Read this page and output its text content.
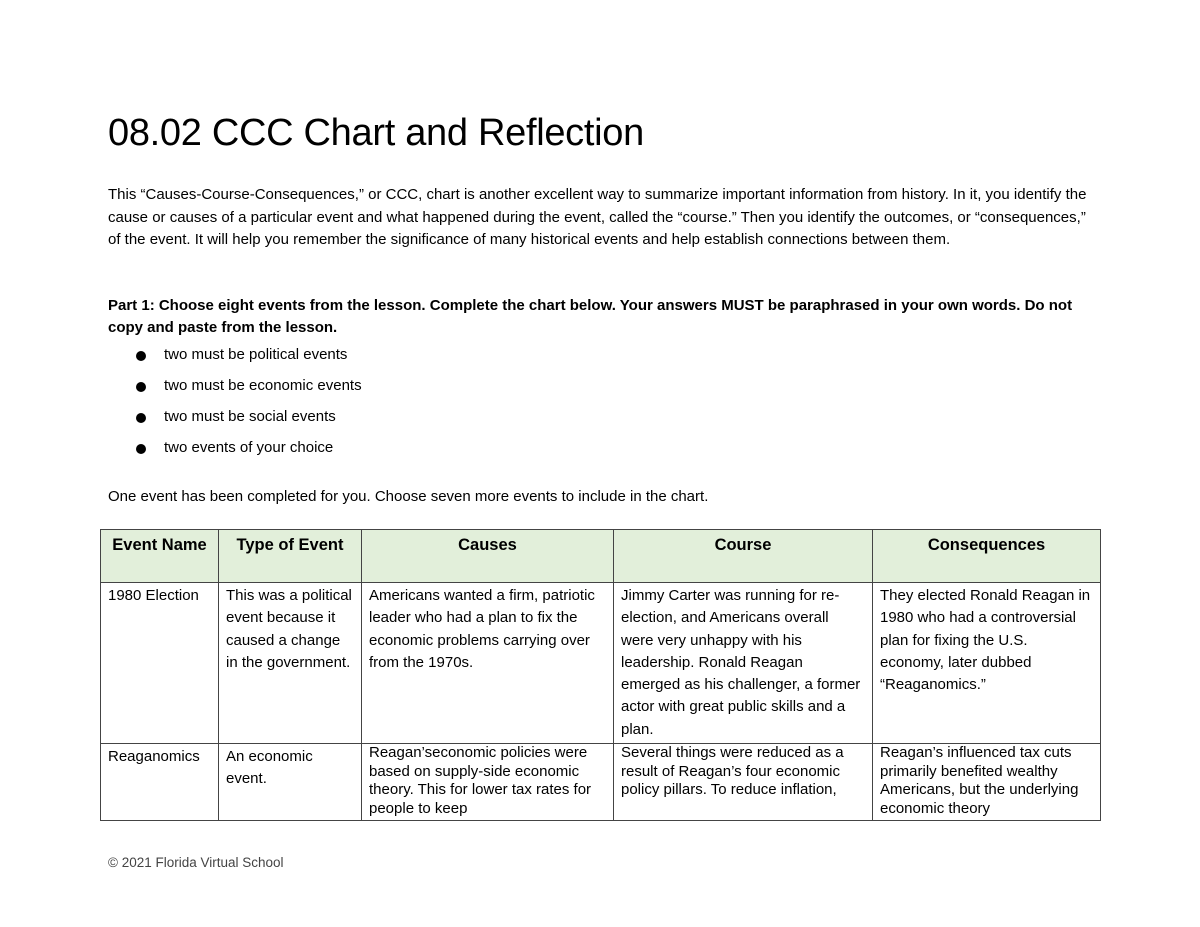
08.02 CCC Chart and Reflection

This “Causes-Course-Consequences,” or CCC, chart is another excellent way to summarize important information from history. In it, you identify the cause or causes of a particular event and what happened during the event, called the “course.” Then you identify the outcomes, or “consequences,” of the event. It will help you remember the significance of many historical events and help establish connections between them.

Part 1: Choose eight events from the lesson. Complete the chart below. Your answers MUST be paraphrased in your own words. Do not copy and paste from the lesson.

two must be political events
two must be economic events
two must be social events
two events of your choice

One event has been completed for you. Choose seven more events to include in the chart.

Event Name	Type of Event	Causes	Course	Consequences
1980 Election	This was a political event because it caused a change in the government.	Americans wanted a firm, patriotic leader who had a plan to fix the economic problems carrying over from the 1970s.	Jimmy Carter was running for re-election, and Americans overall were very unhappy with his leadership. Ronald Reagan emerged as his challenger, a former actor with great public skills and a plan.	They elected Ronald Reagan in 1980 who had a controversial plan for fixing the U.S. economy, later dubbed “Reaganomics.”
Reaganomics	An economic event.	Reagan’seconomic policies were based on supply-side economic theory. This for lower tax rates for people to keep	Several things were reduced as a result of Reagan’s four economic policy pillars. To reduce inflation,	Reagan’s influenced tax cuts primarily benefited wealthy Americans, but the underlying economic theory

© 2021 Florida Virtual School
